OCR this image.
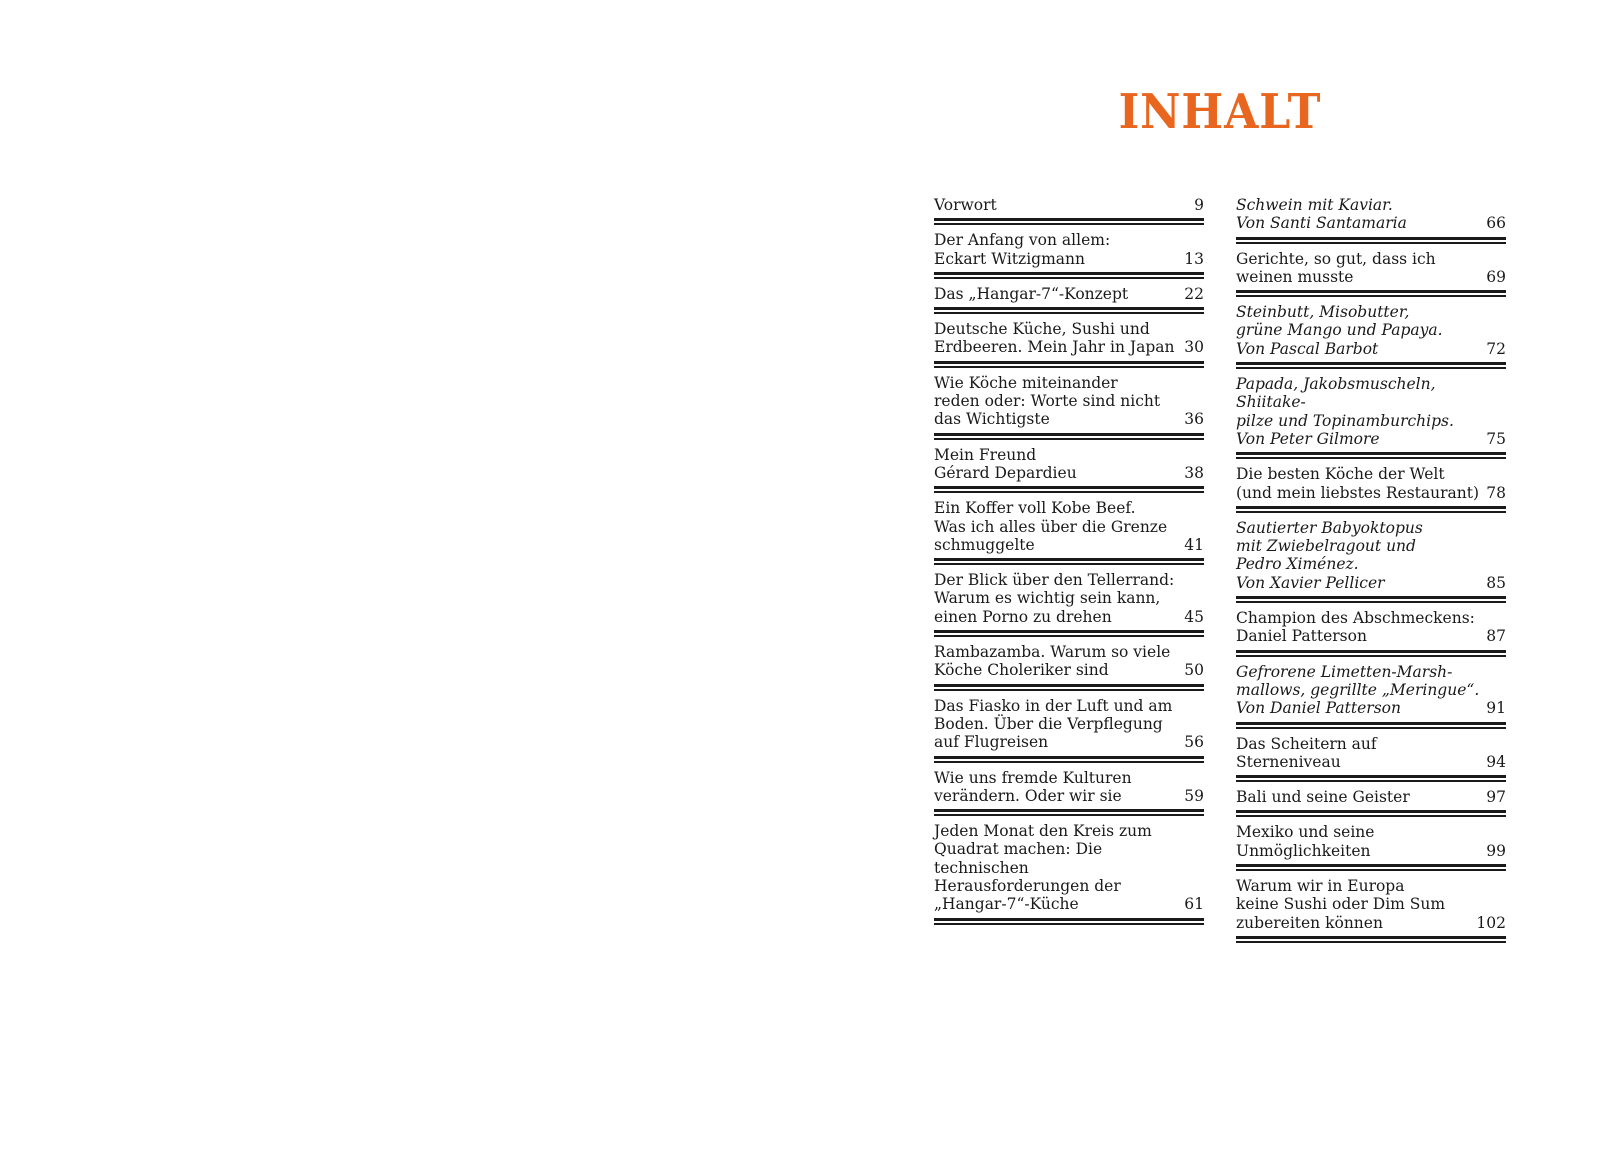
INHALT
Vorwort	9
Der Anfang von allem:
Eckart Witzigmann	13
Das „Hangar-7“-Konzept	22
Deutsche Küche, Sushi und
Erdbeeren. Mein Jahr in Japan 30
Wie Köche miteinander
reden oder: Worte sind nicht
das Wichtigste	36
Mein Freund
Gérard Depardieu	38
Ein Koffer voll Kobe Beef.
Was ich alles über die Grenze
schmuggelte	41
Der Blick über den Tellerrand:
Warum es wichtig sein kann,
einen Porno zu drehen	45
Rambazamba. Warum so viele
Köche Choleriker sind	50
Das Fiasko in der Luft und am
Boden. Über die Verpflegung
auf Flugreisen	56
Wie uns fremde Kulturen
verändern. Oder wir sie	59
Jeden Monat den Kreis zum
Quadrat machen: Die technischen
Herausforderungen der
„Hangar-7“-Küche	61
Schwein mit Kaviar.
Von Santi Santamaria	66
Gerichte, so gut, dass ich
weinen musste	69
Steinbutt, Misobutter,
grüne Mango und Papaya.
Von Pascal Barbot	72
Papada, Jakobsmuscheln, Shiitake-
pilze und Topinamburchips.
Von Peter Gilmore	75
Die besten Köche der Welt
(und mein liebstes Restaurant) 78
Sautierter Babyoktopus
mit Zwiebelragout und
Pedro Ximénez.
Von Xavier Pellicer	85
Champion des Abschmeckens:
Daniel Patterson	87
Gefrorene Limetten-Marsh-
mallows, gegrillte „Meringue“.
Von Daniel Patterson	91
Das Scheitern auf Sterneniveau	94
Bali und seine Geister	97
Mexiko und seine
Unmöglichkeiten	99
Warum wir in Europa
keine Sushi oder Dim Sum
zubereiten können	102
